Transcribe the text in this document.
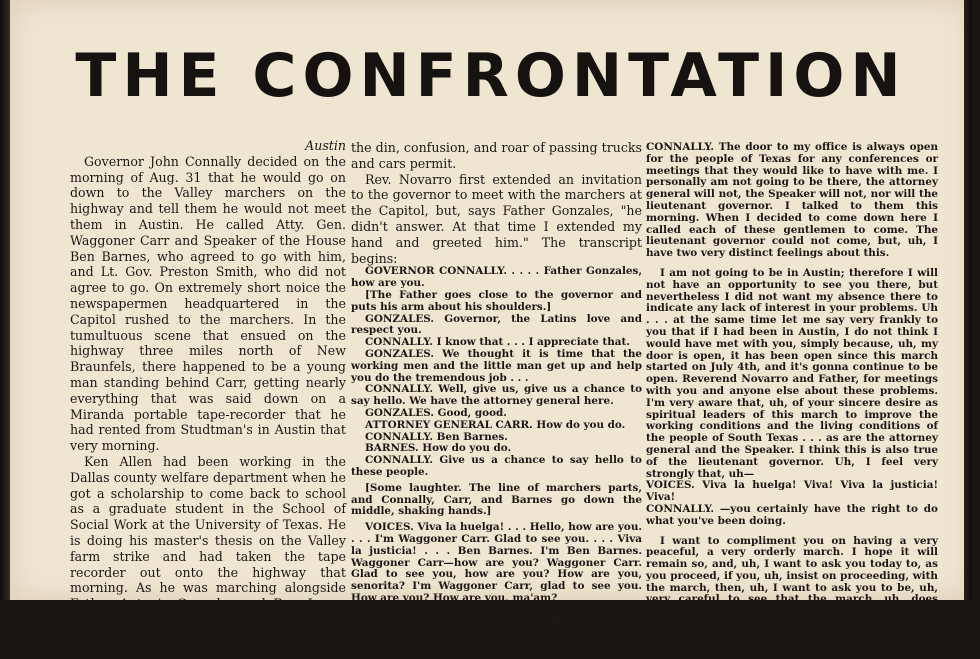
THE CONFRONTATION

Austin

Governor John Connally decided on the morning of Aug. 31 that he would go on down to the Valley marchers on the highway and tell them he would not meet them in Austin. He called Atty. Gen. Waggoner Carr and Speaker of the House Ben Barnes, who agreed to go with him, and Lt. Gov. Preston Smith, who did not agree to go. On extremely short noice the newspapermen headquartered in the Capitol rushed to the marchers. In the tumultuous scene that ensued on the highway three miles north of New Braunfels, there happened to be a young man standing behind Carr, getting nearly everything that was said down on a Miranda portable tape-recorder that he had rented from Studtman's in Austin that very morning.

Ken Allen had been working in the Dallas county welfare department when he got a scholarship to come back to school as a graduate student in the School of Social Work at the University of Texas. He is doing his master's thesis on the Valley farm strike and had taken the tape recorder out onto the highway that morning. As he was marching alongside Father Antonio Gonzales and Rev. James Novarro, interviewing them, reporters arrived saying the governor would be there momen-

the din, confusion, and roar of passing trucks and cars permit.

Rev. Novarro first extended an invitation to the governor to meet with the marchers at the Capitol, but, says Father Gonzales, "he didn't answer. At that time I extended my hand and greeted him." The transcript begins:

GOVERNOR CONNALLY. . . . . Father Gonzales, how are you.

[The Father goes close to the governor and puts his arm about his shoulders.]

GONZALES. Governor, the Latins love and respect you.

CONNALLY. I know that . . . I appreciate that.

GONZALES. We thought it is time that the working men and the little man get up and help you do the tremendous job . . .

CONNALLY. Well, give us, give us a chance to say hello. We have the attorney general here.

GONZALES. Good, good.

ATTORNEY GENERAL CARR. How do you do.

CONNALLY. Ben Barnes.

BARNES. How do you do.

CONNALLY. Give us a chance to say hello to these people.

[Some laughter. The line of marchers parts, and Connally, Carr, and Barnes go down the middle, shaking hands.]

VOICES. Viva la huelga! . . . Hello, how are you. . . . I'm Waggoner Carr. Glad to see you. . . . Viva la justicia! . . . Ben Barnes. I'm Ben Barnes. Waggoner Carr—how are you? Waggoner Carr. Glad to see you, how are you? How are you, senorita? I'm Waggoner Carr, glad to see you. How are you? How are you, ma'am?

[A truck passes. Gonzales and Rev. James Novarro are with Connally, Carr and Barnes

CONNALLY. The door to my office is always open for the people of Texas for any conferences or meetings that they would like to have with me. I personally am not going to be there, the attorney general will not, the Speaker will not, nor will the lieutenant governor. I talked to them this morning. When I decided to come down here I called each of these gentlemen to come. The lieutenant governor could not come, but, uh, I have two very distinct feelings about this.

I am not going to be in Austin; therefore I will not have an opportunity to see you there, but nevertheless I did not want my absence there to indicate any lack of interest in your problems. Uh . . . at the same time let me say very frankly to you that if I had been in Austin, I do not think I would have met with you, simply because, uh, my door is open, it has been open since this march started on July 4th, and it's gonna continue to be open. Reverend Novarro and Father, for meetings with you and anyone else about these problems. I'm very aware that, uh, of your sincere desire as spiritual leaders of this march to improve the working conditions and the living conditions of the people of South Texas . . . as are the attorney general and the Speaker. I think this is also true of the lieutenant governor. Uh, I feel very strongly that, uh—

VOICES. Viva la huelga! Viva! Viva la justicia! Viva!

CONNALLY. —you certainly have the right to do what you've been doing.

I want to compliment you on having a very peaceful, a very orderly march. I hope it will remain so, and, uh, I want to ask you today to, as you proceed, if you, uh, insist on proceeding, with the march, then, uh, I want to ask you to be, uh, very careful to see that the march, uh, does remain, uh, very orderly.
